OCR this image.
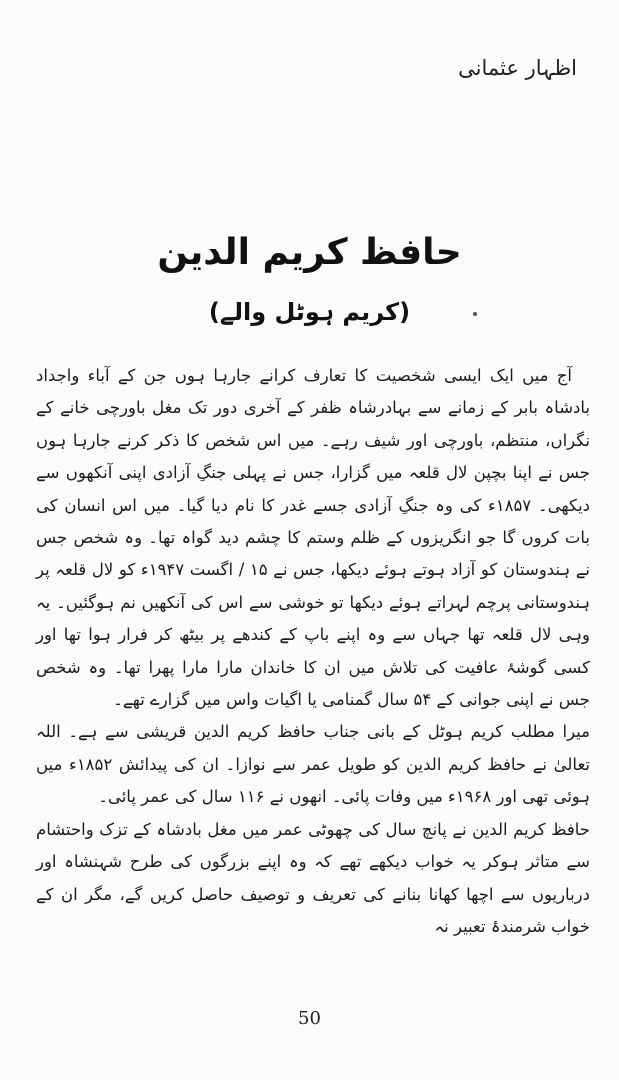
اظہار عثمانی
حافظ کریم الدین
(کریم ہوٹل والے)

آج میں ایک ایسی شخصیت کا تعارف کرانے جارہا ہوں جن کے آباء واجداد بادشاہ بابر کے زمانے سے بہادرشاہ ظفر کے آخری دور تک مغل باورچی خانے کے نگراں، منتظم، باورچی اور شیف رہے۔ میں اس شخص کا ذکر کرنے جارہا ہوں جس نے اپنا بچپن لال قلعہ میں گزارا، جس نے پہلی جنگِ آزادی اپنی آنکھوں سے دیکھی۔ ۱۸۵۷ء کی وہ جنگِ آزادی جسے غدر کا نام دیا گیا۔ میں اس انسان کی بات کروں گا جو انگریزوں کے ظلم وستم کا چشم دید گواہ تھا۔ وہ شخص جس نے ہندوستان کو آزاد ہوتے ہوئے دیکھا، جس نے ۱۵ / اگست ۱۹۴۷ء کو لال قلعہ پر ہندوستانی پرچم لہراتے ہوئے دیکھا تو خوشی سے اس کی آنکھیں نم ہوگئیں۔ یہ وہی لال قلعہ تھا جہاں سے وہ اپنے باپ کے کندھے پر بیٹھ کر فرار ہوا تھا اور کسی گوشۂ عافیت کی تلاش میں ان کا خاندان مارا مارا پھرا تھا۔ وہ شخص جس نے اپنی جوانی کے ۵۴ سال گمنامی یا اگیات واس میں گزارے تھے۔

میرا مطلب کریم ہوٹل کے بانی جناب حافظ کریم الدین قریشی سے ہے۔ اللہ تعالیٰ نے حافظ کریم الدین کو طویل عمر سے نوازا۔ ان کی پیدائش ۱۸۵۲ء میں ہوئی تھی اور ۱۹۶۸ء میں وفات پائی۔ انھوں نے ۱۱۶ سال کی عمر پائی۔

حافظ کریم الدین نے پانچ سال کی چھوٹی عمر میں مغل بادشاہ کے تزک واحتشام سے متاثر ہوکر یہ خواب دیکھے تھے کہ وہ اپنے بزرگوں کی طرح شہنشاہ اور درباریوں سے اچھا کھانا بنانے کی تعریف و توصیف حاصل کریں گے، مگر ان کے خواب شرمندۂ تعبیر نہ

50
